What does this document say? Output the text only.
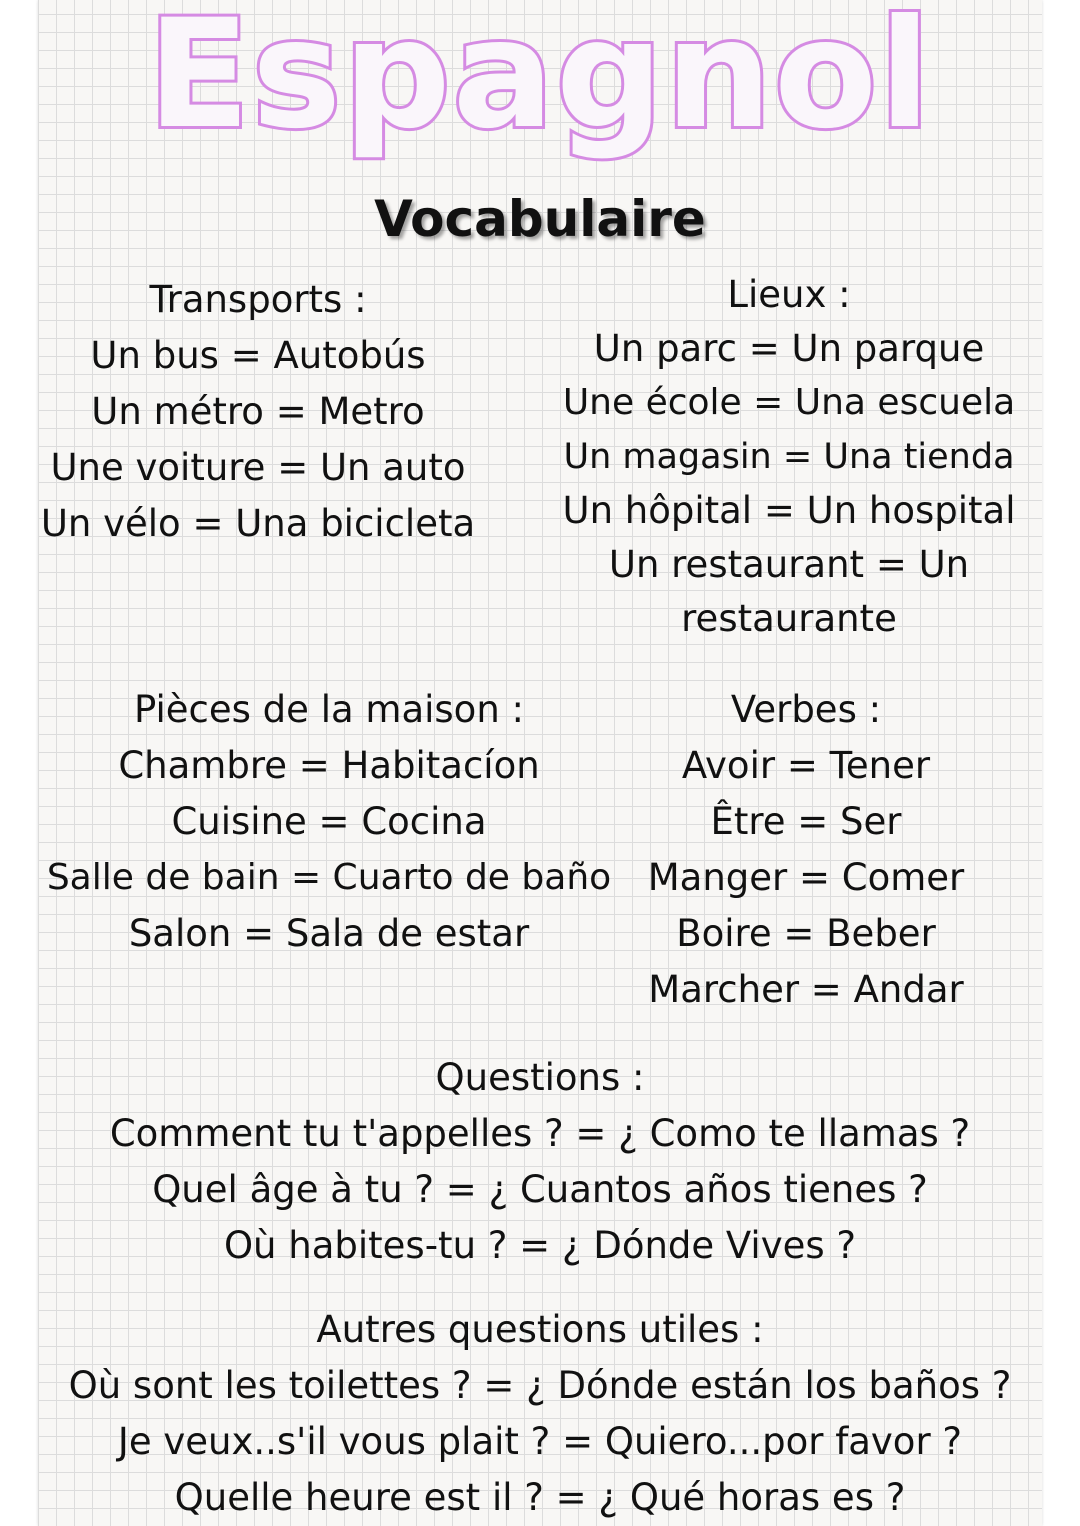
Espagnol
Vocabulaire
Transports :
Un bus = Autobús
Un métro = Metro
Une voiture = Un auto
Un vélo = Una bicicleta
Lieux :
Un parc = Un parque
Une école = Una escuela
Un magasin = Una tienda
Un hôpital = Un hospital
Un restaurant = Un
restaurante
Pièces de la maison :
Chambre = Habitacíon
Cuisine = Cocina
Salle de bain = Cuarto de baño
Salon = Sala de estar
Verbes :
Avoir = Tener
Être = Ser
Manger = Comer
Boire = Beber
Marcher = Andar
Questions :
Comment tu t'appelles ? = ¿ Como te llamas ?
Quel âge à tu ? = ¿ Cuantos años tienes ?
Où habites-tu ? = ¿ Dónde Vives ?
Autres questions utiles :
Où sont les toilettes ? = ¿ Dónde están los baños ?
Je veux..s'il vous plait ? = Quiero...por favor ?
Quelle heure est il ? = ¿ Qué horas es ?
